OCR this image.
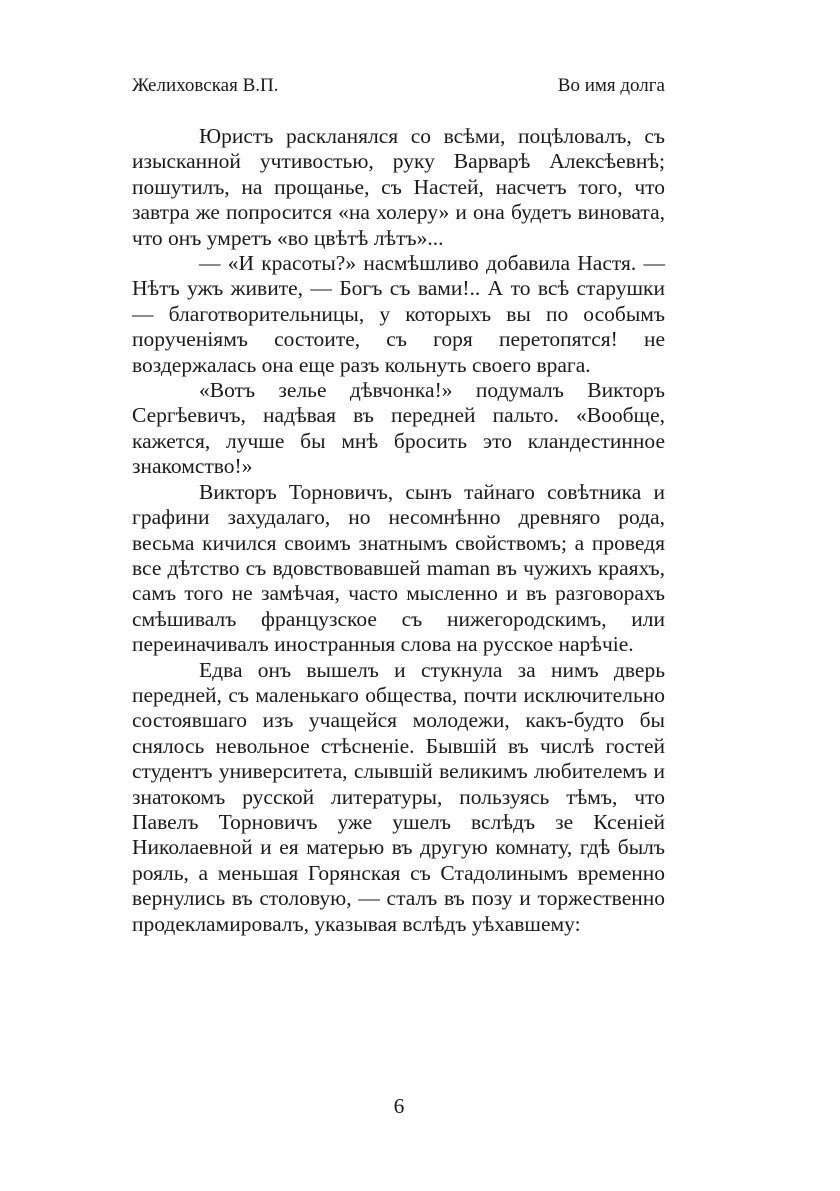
Желиховская В.П.	Во имя долга

Юристъ раскланялся со всѣми, поцѣловалъ, съ изысканной учтивостью, руку Варварѣ Алексѣевнѣ; пошутилъ, на прощанье, съ Настей, насчетъ того, что завтра же попросится «на холеру» и она будетъ виновата, что онъ умретъ «во цвѣтѣ лѣтъ»...

— «И красоты?» насмѣшливо добавила Настя. — Нѣтъ ужъ живите, — Богъ съ вами!.. А то всѣ старушки — благотворительницы, у которыхъ вы по особымъ порученіямъ состоите, съ горя перетопятся! не воздержалась она еще разъ кольнуть своего врага.

«Вотъ зелье дѣвчонка!» подумалъ Викторъ Сергѣевичъ, надѣвая въ передней пальто. «Вообще, кажется, лучше бы мнѣ бросить это кландестинное знакомство!»

Викторъ Торновичъ, сынъ тайнаго совѣтника и графини захудалаго, но несомнѣнно древняго рода, весьма кичился своимъ знатнымъ свойствомъ; а проведя все дѣтство съ вдовствовавшей maman въ чужихъ краяхъ, самъ того не замѣчая, часто мысленно и въ разговорахъ смѣшивалъ французское съ нижегородскимъ, или переиначивалъ иностранныя слова на русское нарѣчіе.

Едва онъ вышелъ и стукнула за нимъ дверь передней, съ маленькаго общества, почти исключительно состоявшаго изъ учащейся молодежи, какъ-будто бы снялось невольное стѣсненіе. Бывшій въ числѣ гостей студентъ университета, слывшій великимъ любителемъ и знатокомъ русской литературы, пользуясь тѣмъ, что Павелъ Торновичъ уже ушелъ вслѣдъ зе Ксеніей Николаевной и ея матерью въ другую комнату, гдѣ былъ рояль, а меньшая Горянская съ Стадолинымъ временно вернулись въ столовую, — сталъ въ позу и торжественно продекламировалъ, указывая вслѣдъ уѣхавшему:

6
